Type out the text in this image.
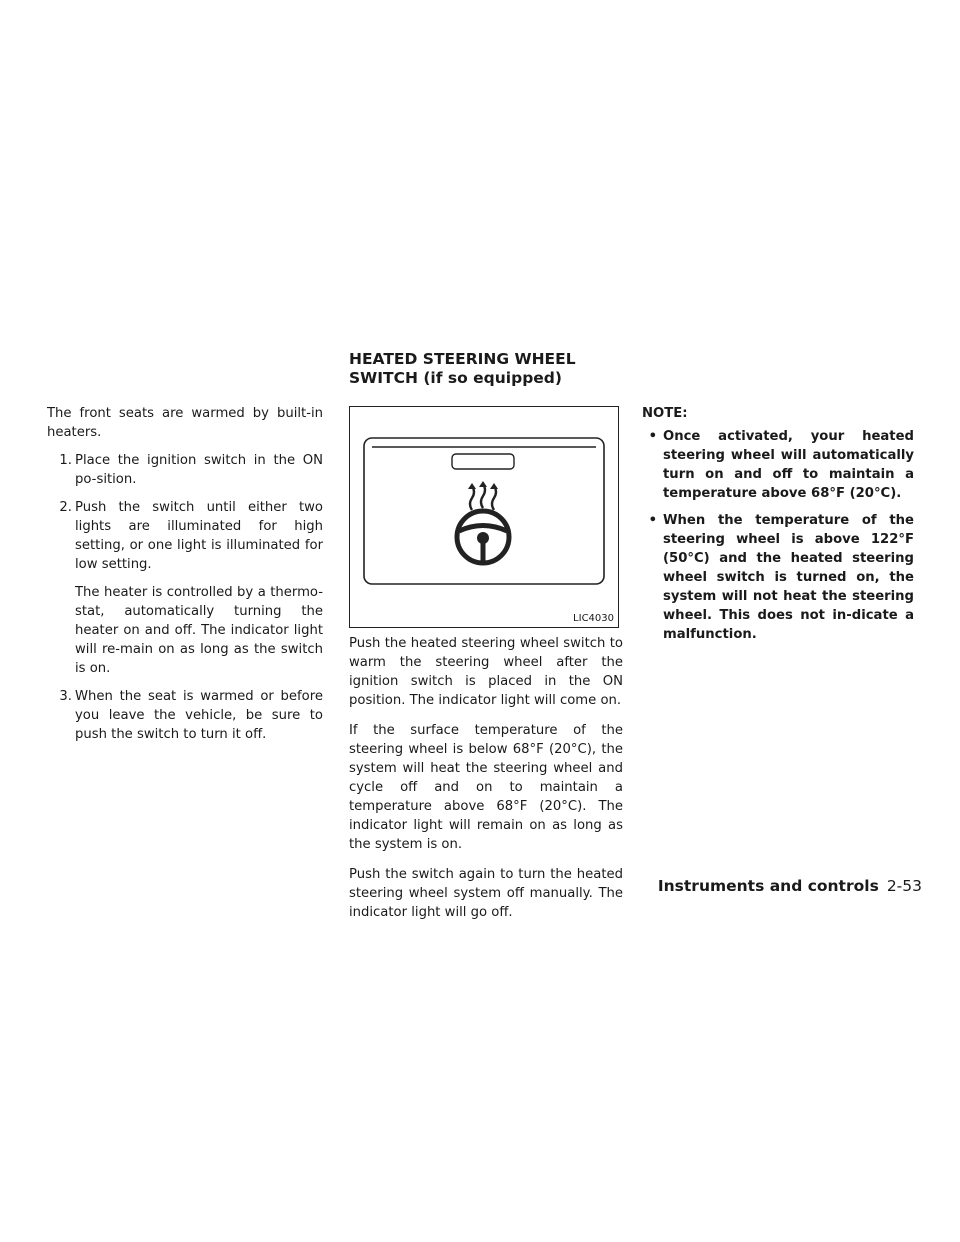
The front seats are warmed by built-in heaters.

1. Place the ignition switch in the ON po-sition.
2. Push the switch until either two lights are illuminated for high setting, or one light is illuminated for low setting.
The heater is controlled by a thermo-stat, automatically turning the heater on and off. The indicator light will re-main on as long as the switch is on.
3. When the seat is warmed or before you leave the vehicle, be sure to push the switch to turn it off.
HEATED STEERING WHEEL SWITCH (if so equipped)
LIC4030

Push the heated steering wheel switch to warm the steering wheel after the ignition switch is placed in the ON position. The indicator light will come on.

If the surface temperature of the steering wheel is below 68°F (20°C), the system will heat the steering wheel and cycle off and on to maintain a temperature above 68°F (20°C). The indicator light will remain on as long as the system is on.

Push the switch again to turn the heated steering wheel system off manually. The indicator light will go off.

NOTE:
• Once activated, your heated steering wheel will automatically turn on and off to maintain a temperature above 68°F (20°C).
• When the temperature of the steering wheel is above 122°F (50°C) and the heated steering wheel switch is turned on, the system will not heat the steering wheel. This does not in-dicate a malfunction.
Instruments and controls 2-53
